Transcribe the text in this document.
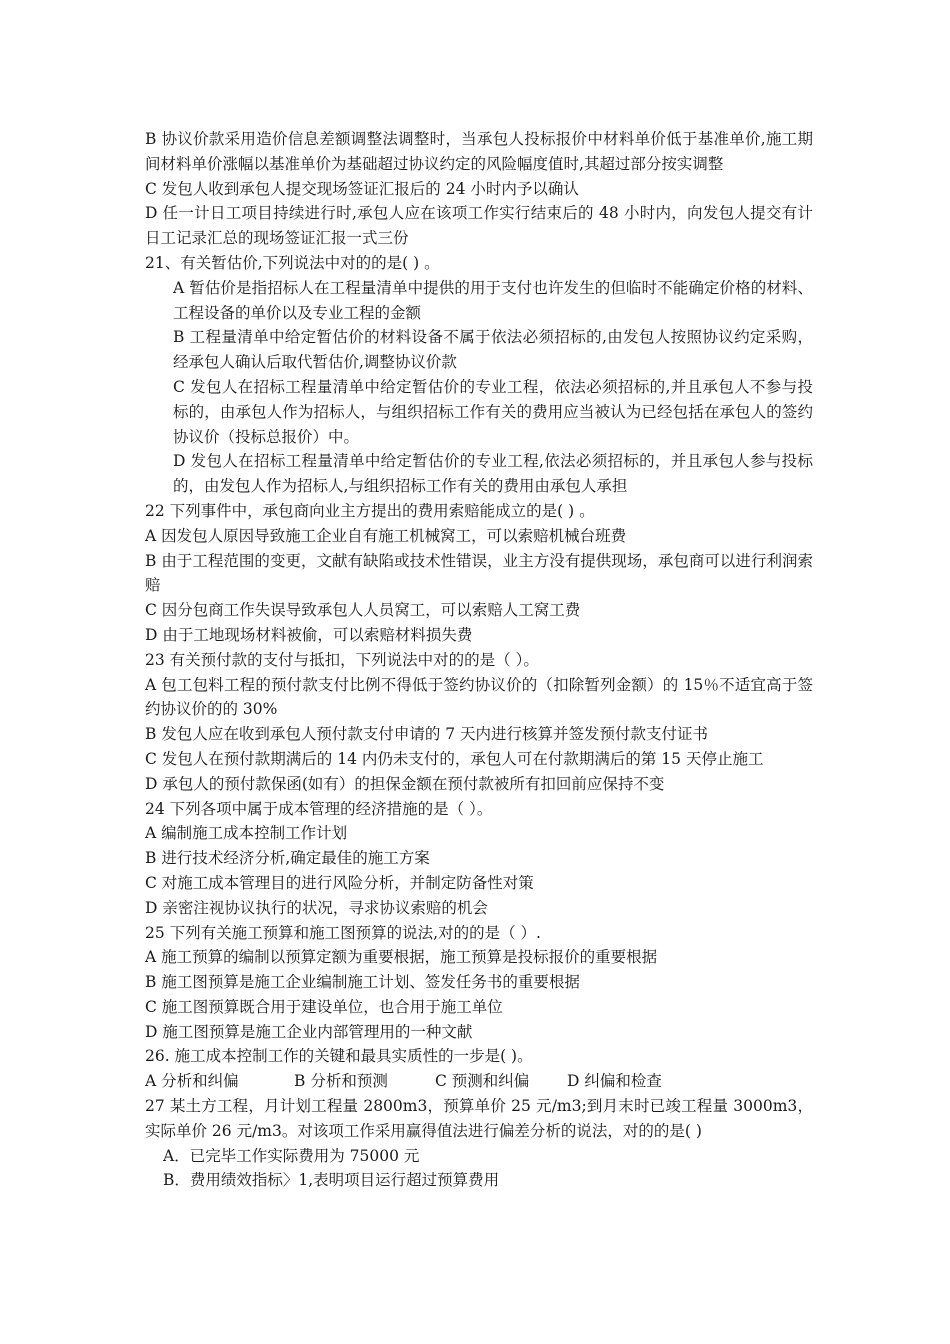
B 协议价款采用造价信息差额调整法调整时，当承包人投标报价中材料单价低于基准单价,施工期间材料单价涨幅以基准单价为基础超过协议约定的风险幅度值时,其超过部分按实调整

C 发包人收到承包人提交现场签证汇报后的 24 小时内予以确认

D 任一计日工项目持续进行时,承包人应在该项工作实行结束后的 48 小时内，向发包人提交有计日工记录汇总的现场签证汇报一式三份

21、有关暂估价,下列说法中对的的是( ) 。

A 暂估价是指招标人在工程量清单中提供的用于支付也许发生的但临时不能确定价格的材料、工程设备的单价以及专业工程的金额

B 工程量清单中给定暂估价的材料设备不属于依法必须招标的,由发包人按照协议约定采购，经承包人确认后取代暂估价,调整协议价款

C 发包人在招标工程量清单中给定暂估价的专业工程，依法必须招标的,并且承包人不参与投标的，由承包人作为招标人，与组织招标工作有关的费用应当被认为已经包括在承包人的签约协议价（投标总报价）中。

D 发包人在招标工程量清单中给定暂估价的专业工程,依法必须招标的，并且承包人参与投标的，由发包人作为招标人,与组织招标工作有关的费用由承包人承担

22 下列事件中，承包商向业主方提出的费用索赔能成立的是( ) 。

A 因发包人原因导致施工企业自有施工机械窝工，可以索赔机械台班费

B 由于工程范围的变更，文献有缺陷或技术性错误，业主方没有提供现场，承包商可以进行利润索赔

C 因分包商工作失误导致承包人人员窝工，可以索赔人工窝工费

D 由于工地现场材料被偷，可以索赔材料损失费

23 有关预付款的支付与抵扣，下列说法中对的的是（ ）。

A 包工包料工程的预付款支付比例不得低于签约协议价的（扣除暂列金额）的 15％不适宜高于签约协议价的的 30%

B 发包人应在收到承包人预付款支付申请的 7 天内进行核算并签发预付款支付证书

C 发包人在预付款期满后的 14 内仍未支付的，承包人可在付款期满后的第 15 天停止施工

D 承包人的预付款保函(如有）的担保金额在预付款被所有扣回前应保持不变

24 下列各项中属于成本管理的经济措施的是（ ）。

A 编制施工成本控制工作计划

B 进行技术经济分析,确定最佳的施工方案

C 对施工成本管理目的进行风险分析，并制定防备性对策

D 亲密注视协议执行的状况，寻求协议索赔的机会

25 下列有关施工预算和施工图预算的说法,对的的是（ ）.

A 施工预算的编制以预算定额为重要根据，施工预算是投标报价的重要根据

B 施工图预算是施工企业编制施工计划、签发任务书的重要根据

C 施工图预算既合用于建设单位，也合用于施工单位

D 施工图预算是施工企业内部管理用的一种文献

26. 施工成本控制工作的关键和最具实质性的一步是( )。

A 分析和纠偏	B 分析和预测	C 预测和纠偏	D 纠偏和检查

27 某土方工程，月计划工程量 2800m3，预算单价 25 元/m3;到月末时已竣工程量 3000m3，实际单价 26 元/m3。对该项工作采用赢得值法进行偏差分析的说法，对的的是( )

A．已完毕工作实际费用为 75000 元

B．费用绩效指标〉1,表明项目运行超过预算费用
